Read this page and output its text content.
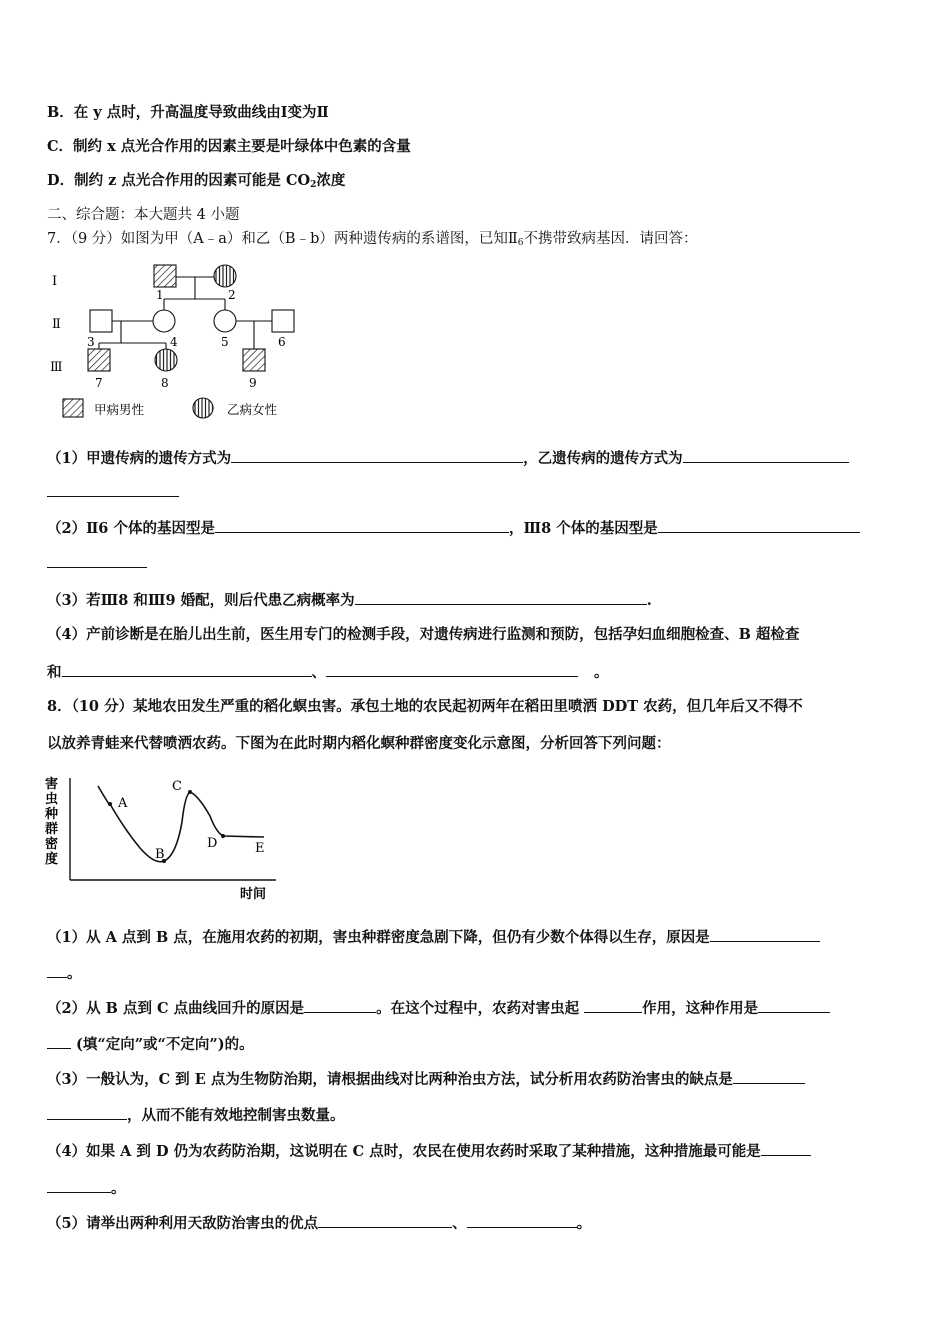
B．在 y 点时，升高温度导致曲线由Ⅰ变为Ⅱ
C．制约 x 点光合作用的因素主要是叶绿体中色素的含量
D．制约 z 点光合作用的因素可能是 $CO_2$浓度
二、综合题：本大题共 4 小题
7．（9 分）如图为甲（A﹣a）和乙（B﹣b）两种遗传病的系谱图，已知$Ⅱ_6$不携带致病基因．请回答：
Ⅰ
Ⅱ
Ⅲ
1	2
3	4	5	6
7	8	9
甲病男性	乙病女性
（1）甲遗传病的遗传方式为	，乙遗传病的遗传方式为
（2）Ⅱ6 个体的基因型是	，Ⅲ8 个体的基因型是
（3）若Ⅲ8 和Ⅲ9 婚配，则后代患乙病概率为	.
（4）产前诊断是在胎儿出生前，医生用专门的检测手段，对遗传病进行监测和预防，包括孕妇血细胞检查、B 超检查
和	、	。
8．（10 分）某地农田发生严重的稻化螟虫害。承包土地的农民起初两年在稻田里喷洒 DDT 农药，但几年后又不得不
以放养青蛙来代替喷洒农药。下图为在此时期内稻化螟种群密度变化示意图，分析回答下列问题：
害
虫
种
群
密
度
时间
A
B
C
D	E
（1）从 A 点到 B 点，在施用农药的初期，害虫种群密度急剧下降，但仍有少数个体得以生存，原因是
。
（2）从 B 点到 C 点曲线回升的原因是	。在这个过程中，农药对害虫起	作用，这种作用是
(填“定向”或“不定向”)的。
（3）一般认为，C 到 E 点为生物防治期，请根据曲线对比两种治虫方法，试分析用农药防治害虫的缺点是
，从而不能有效地控制害虫数量。
（4）如果 A 到 D 仍为农药防治期，这说明在 C 点时，农民在使用农药时采取了某种措施，这种措施最可能是
。
（5）请举出两种利用天敌防治害虫的优点	、	。
